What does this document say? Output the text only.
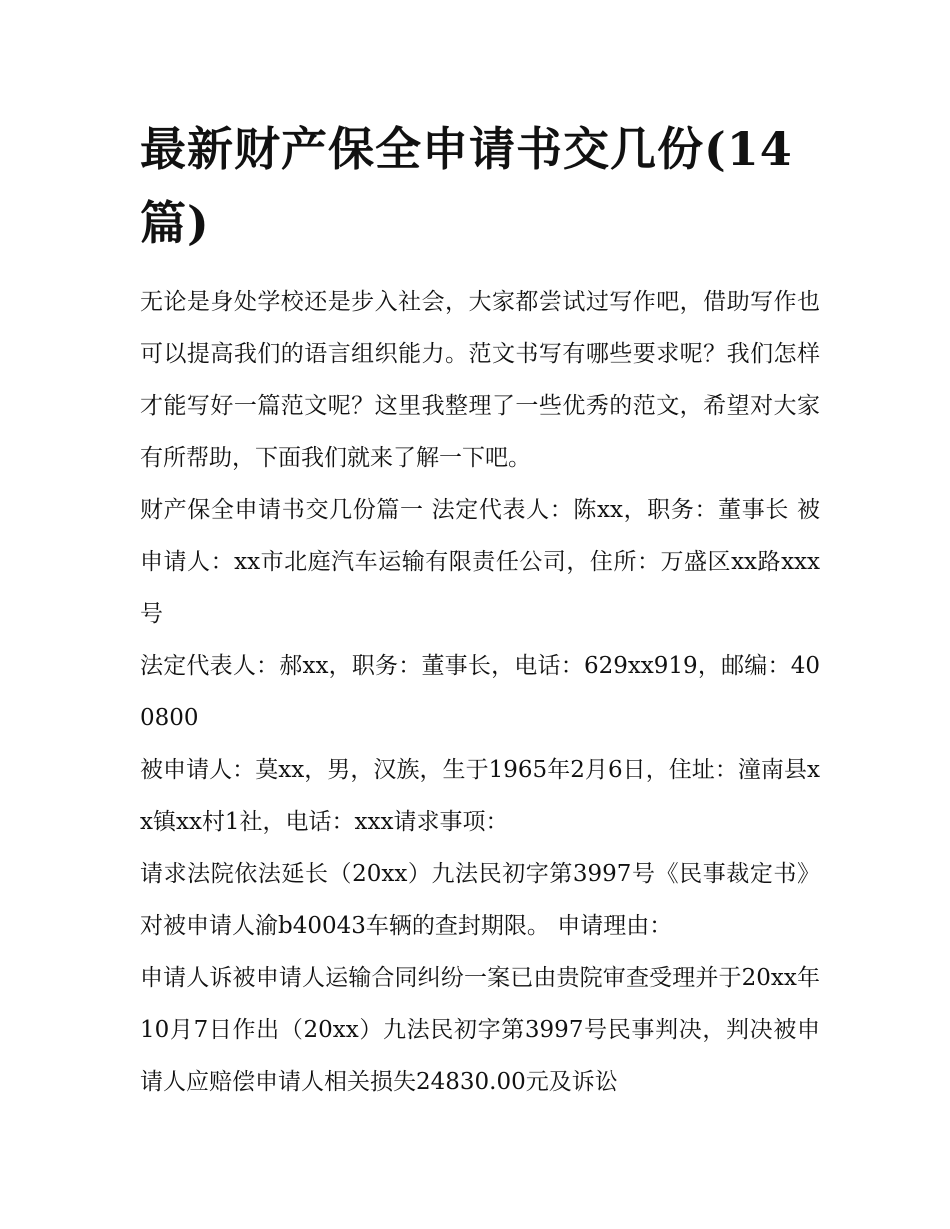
最新财产保全申请书交几份(14篇)

无论是身处学校还是步入社会，大家都尝试过写作吧，借助写作也可以提高我们的语言组织能力。范文书写有哪些要求呢？我们怎样才能写好一篇范文呢？这里我整理了一些优秀的范文，希望对大家有所帮助，下面我们就来了解一下吧。

财产保全申请书交几份篇一 法定代表人：陈xx，职务：董事长 被申请人：xx市北庭汽车运输有限责任公司，住所：万盛区xx路xxx号

法定代表人：郝xx，职务：董事长，电话：629xx919，邮编：400800

被申请人：莫xx，男，汉族，生于1965年2月6日，住址：潼南县xx镇xx村1社，电话：xxx请求事项：

请求法院依法延长（20xx）九法民初字第3997号《民事裁定书》对被申请人渝b40043车辆的查封期限。 申请理由：

申请人诉被申请人运输合同纠纷一案已由贵院审查受理并于20xx年10月7日作出（20xx）九法民初字第3997号民事判决，判决被申请人应赔偿申请人相关损失24830.00元及诉讼
